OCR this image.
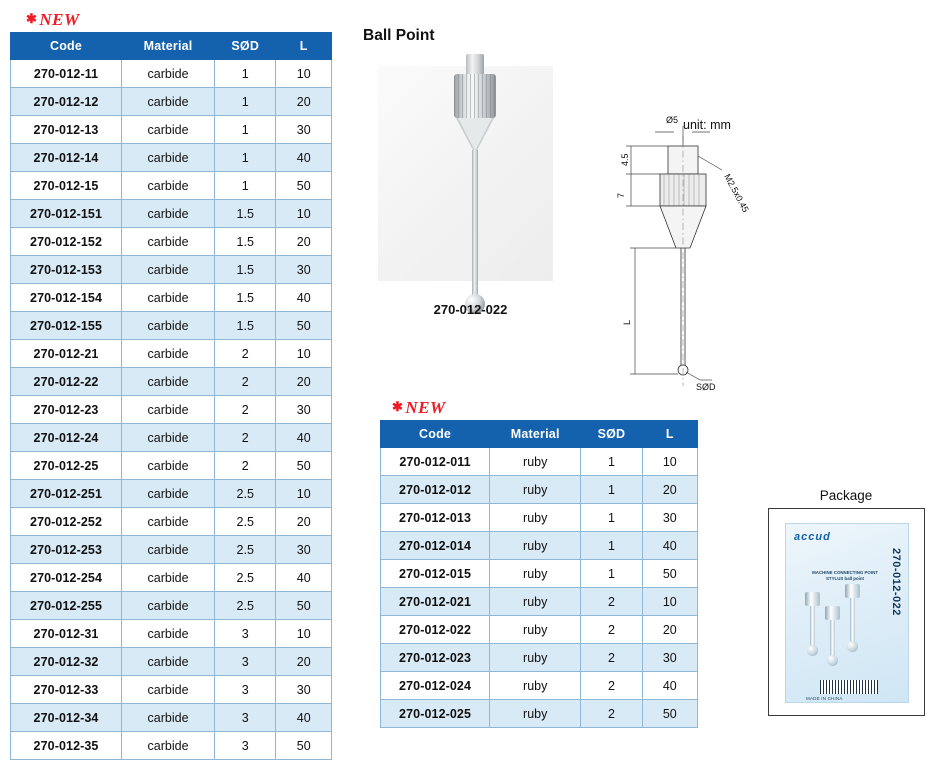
✱ NEW
Code	Material	SØD	L
270-012-11	carbide	1	10
270-012-12	carbide	1	20
270-012-13	carbide	1	30
270-012-14	carbide	1	40
270-012-15	carbide	1	50
270-012-151	carbide	1.5	10
270-012-152	carbide	1.5	20
270-012-153	carbide	1.5	30
270-012-154	carbide	1.5	40
270-012-155	carbide	1.5	50
270-012-21	carbide	2	10
270-012-22	carbide	2	20
270-012-23	carbide	2	30
270-012-24	carbide	2	40
270-012-25	carbide	2	50
270-012-251	carbide	2.5	10
270-012-252	carbide	2.5	20
270-012-253	carbide	2.5	30
270-012-254	carbide	2.5	40
270-012-255	carbide	2.5	50
270-012-31	carbide	3	10
270-012-32	carbide	3	20
270-012-33	carbide	3	30
270-012-34	carbide	3	40
270-012-35	carbide	3	50
Ball Point
270-012-022
unit: mm
Ø5
4.5
7
L
SØD
M2.5x0.45
✱ NEW
Code	Material	SØD	L
270-012-011	ruby	1	10
270-012-012	ruby	1	20
270-012-013	ruby	1	30
270-012-014	ruby	1	40
270-012-015	ruby	1	50
270-012-021	ruby	2	10
270-012-022	ruby	2	20
270-012-023	ruby	2	30
270-012-024	ruby	2	40
270-012-025	ruby	2	50
Package
accud
MACHINE CONNECTING POINT STYLUS ball point	270-012-022
MADE IN CHINA
